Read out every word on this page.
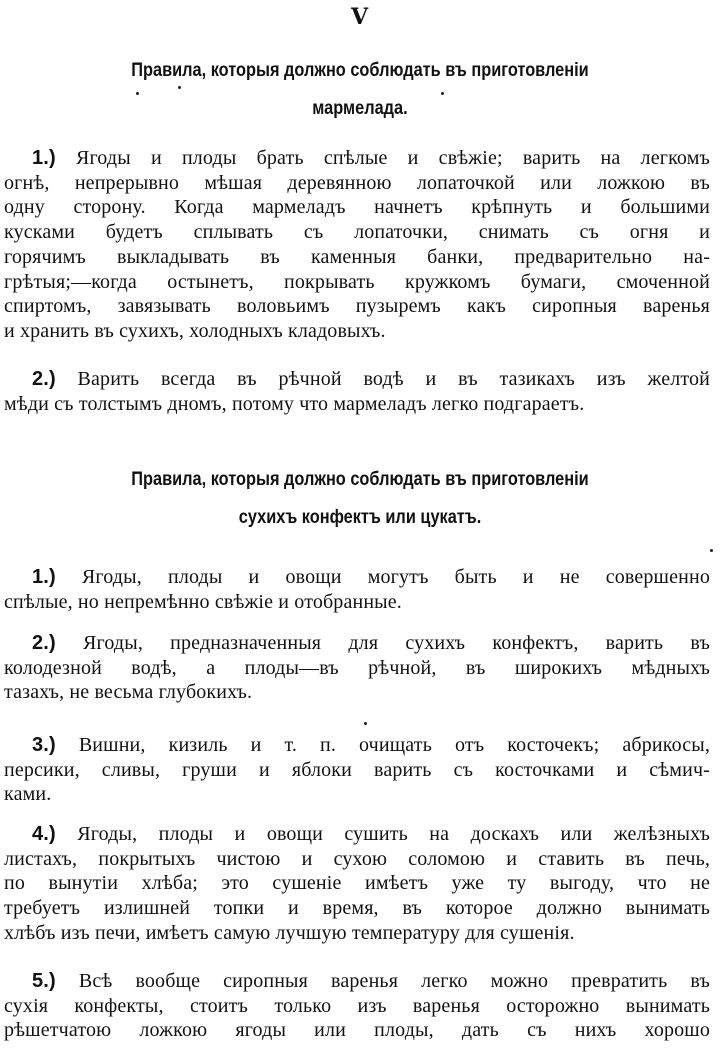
V
Правила, которыя должно соблюдать въ приготовленіи
мармелада.
1.) Ягоды и плоды брать спѣлые и свѣжіе; варить на легкомъ
огнѣ, непрерывно мѣшая деревянною лопаточкой или ложкою въ
одну сторону. Когда мармеладъ начнетъ крѣпнуть и большими
кусками будетъ сплывать съ лопаточки, снимать съ огня и
горячимъ выкладывать въ каменныя банки, предварительно на-
грѣтыя;—когда остынетъ, покрывать кружкомъ бумаги, смоченной
спиртомъ, завязывать воловьимъ пузыремъ какъ сиропныя варенья
и хранить въ сухихъ, холодныхъ кладовыхъ.
2.) Варить всегда въ рѣчной водѣ и въ тазикахъ изъ желтой
мѣди съ толстымъ дномъ, потому что мармеладъ легко подгараетъ.
Правила, которыя должно соблюдать въ приготовленіи
сухихъ конфектъ или цукатъ.
1.) Ягоды, плоды и овощи могутъ быть и не совершенно
спѣлые, но непремѣнно свѣжіе и отобранные.
2.) Ягоды, предназначенныя для сухихъ конфектъ, варить въ
колодезной водѣ, а плоды—въ рѣчной, въ широкихъ мѣдныхъ
тазахъ, не весьма глубокихъ.
3.) Вишни, кизиль и т. п. очищать отъ косточекъ; абрикосы,
персики, сливы, груши и яблоки варить съ косточками и сѣмич-
ками.
4.) Ягоды, плоды и овощи сушить на доскахъ или желѣзныхъ
листахъ, покрытыхъ чистою и сухою соломою и ставить въ печь,
по вынутіи хлѣба; это сушеніе имѣетъ уже ту выгоду, что не
требуетъ излишней топки и время, въ которое должно вынимать
хлѣбъ изъ печи, имѣетъ самую лучшую температуру для сушенія.
5.) Всѣ вообще сиропныя варенья легко можно превратить въ
сухія конфекты, стоитъ только изъ варенья осторожно вынимать
рѣшетчатою ложкою ягоды или плоды, дать съ нихъ хорошо
